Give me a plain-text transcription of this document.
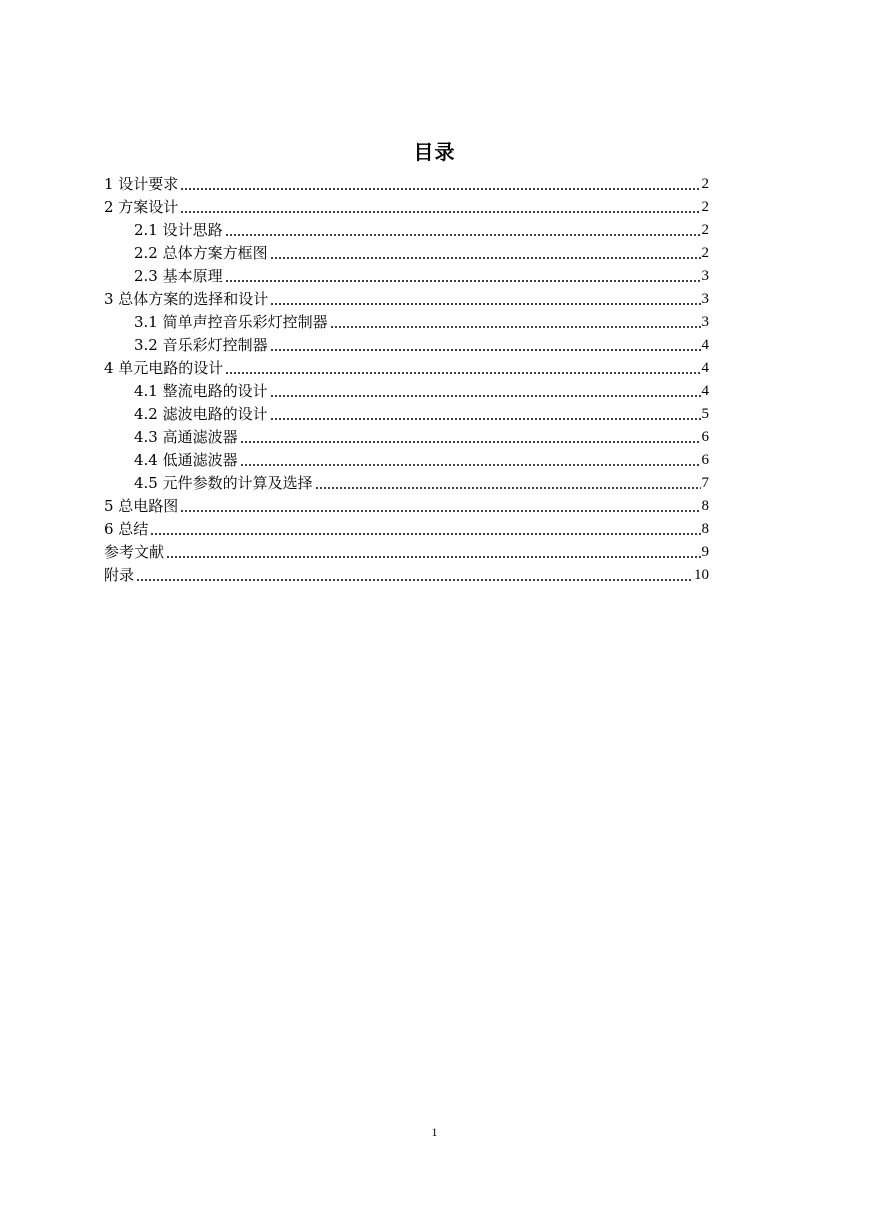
目录
1 设计要求	2
2 方案设计	2
2.1 设计思路	2
2.2 总体方案方框图	2
2.3 基本原理	3
3 总体方案的选择和设计	3
3.1 简单声控音乐彩灯控制器	3
3.2 音乐彩灯控制器	4
4 单元电路的设计	4
4.1 整流电路的设计	4
4.2 滤波电路的设计	5
4.3 高通滤波器	6
4.4 低通滤波器	6
4.5 元件参数的计算及选择	7
5 总电路图	8
6 总结	8
参考文献	9
附录	10
1
